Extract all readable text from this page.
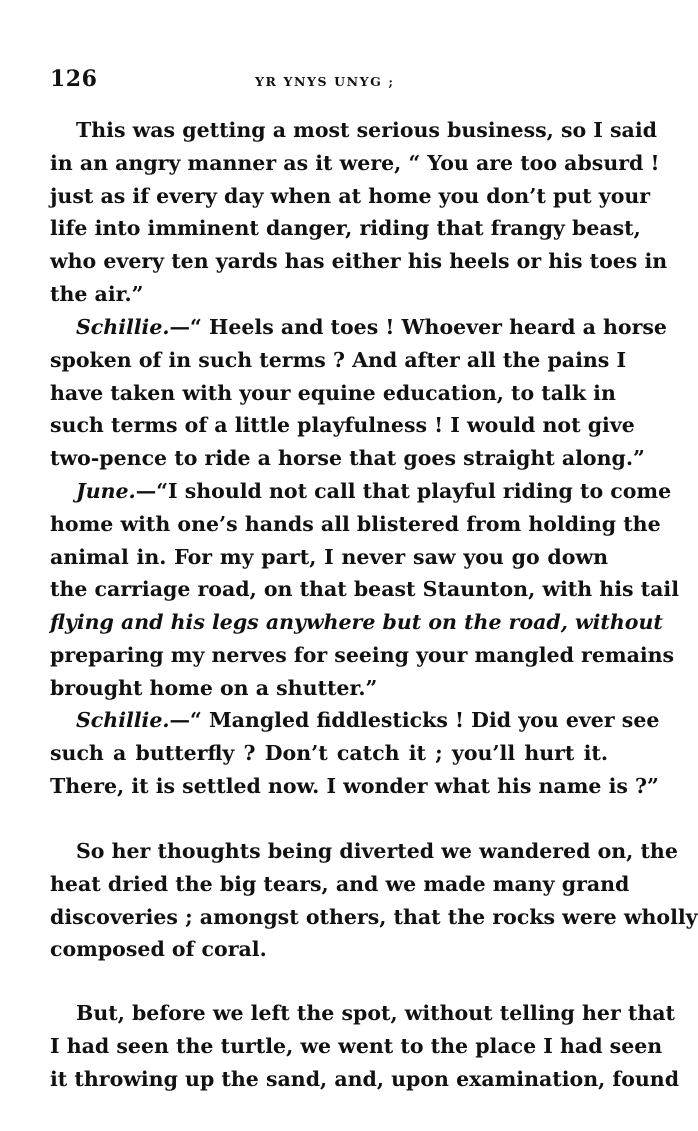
126	YR YNYS UNYG ;
This was getting a most serious business, so I said
in an angry manner as it were, “ You are too absurd !
just as if every day when at home you don’t put your
life into imminent danger, riding that frangy beast,
who every ten yards has either his heels or his toes in
the air.”
Schillie.—“ Heels and toes ! Whoever heard a horse
spoken of in such terms ? And after all the pains I
have taken with your equine education, to talk in
such terms of a little playfulness ! I would not give
two-pence to ride a horse that goes straight along.”
June.—“I should not call that playful riding to come
home with one’s hands all blistered from holding the
animal in. For my part, I never saw you go down
the carriage road, on that beast Staunton, with his tail
flying and his legs anywhere but on the road, without
preparing my nerves for seeing your mangled remains
brought home on a shutter.”
Schillie.—“ Mangled fiddlesticks ! Did you ever see
such a butterfly ? Don’t catch it ; you’ll hurt it.
There, it is settled now. I wonder what his name is ?”
So her thoughts being diverted we wandered on, the
heat dried the big tears, and we made many grand
discoveries ; amongst others, that the rocks were wholly
composed of coral.
But, before we left the spot, without telling her that
I had seen the turtle, we went to the place I had seen
it throwing up the sand, and, upon examination, found
